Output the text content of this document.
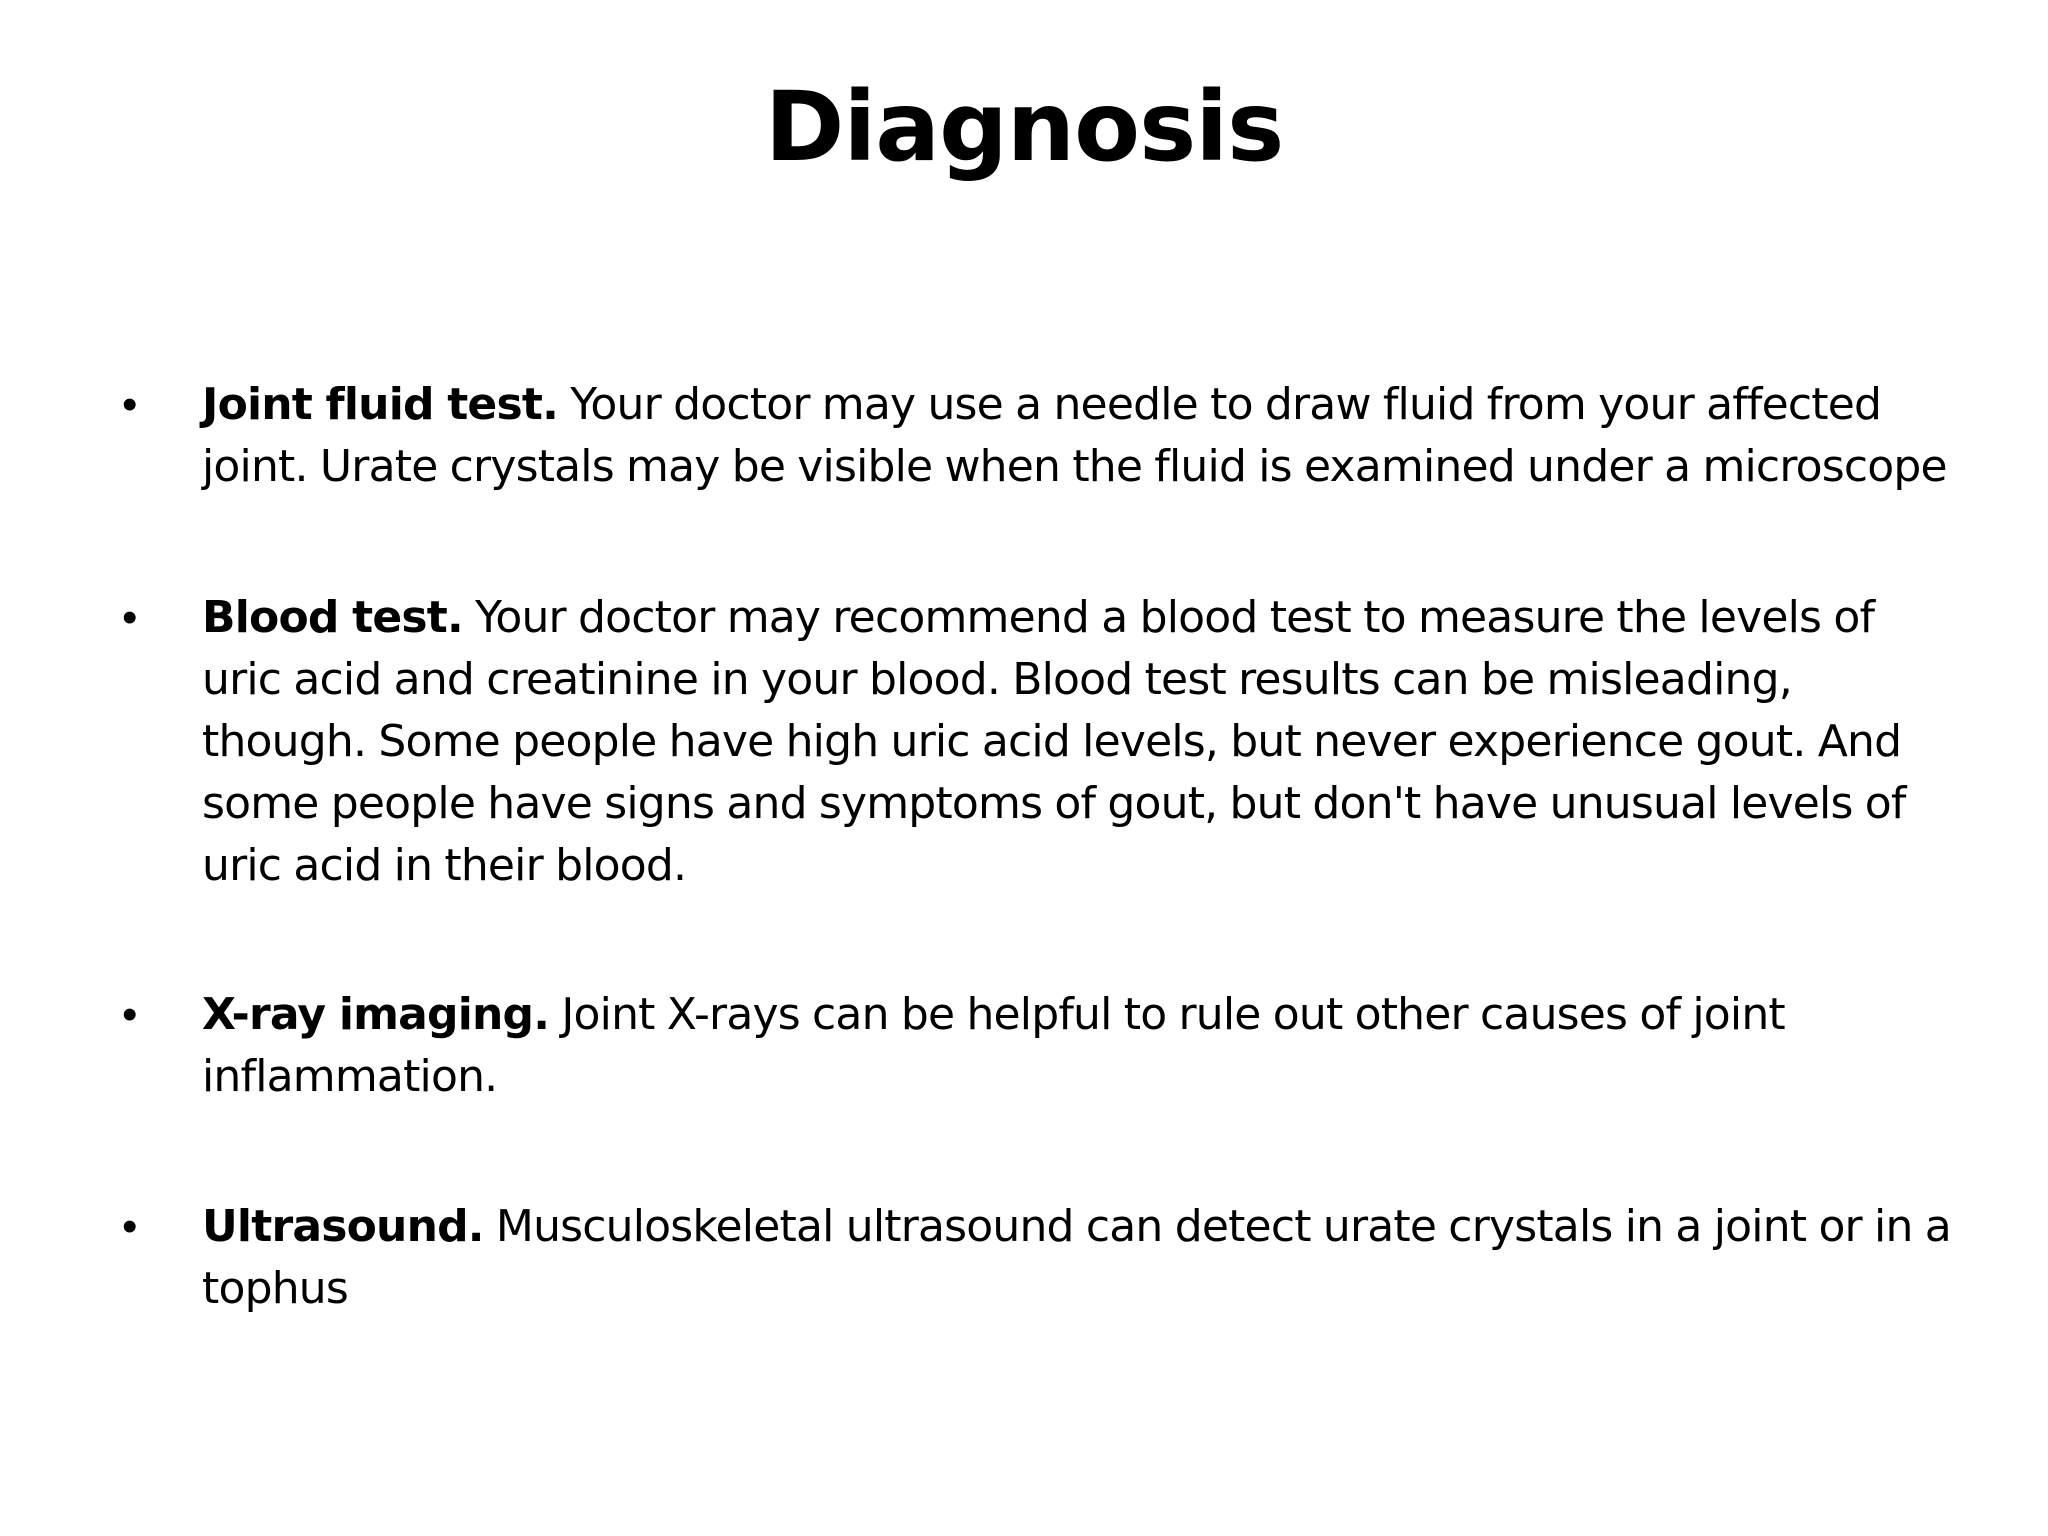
Diagnosis
• Joint fluid test. Your doctor may use a needle to draw fluid from your affected joint. Urate crystals may be visible when the fluid is examined under a microscope
• Blood test. Your doctor may recommend a blood test to measure the levels of uric acid and creatinine in your blood. Blood test results can be misleading, though. Some people have high uric acid levels, but never experience gout. And some people have signs and symptoms of gout, but don't have unusual levels of uric acid in their blood.
• X-ray imaging. Joint X-rays can be helpful to rule out other causes of joint inflammation.
• Ultrasound. Musculoskeletal ultrasound can detect urate crystals in a joint or in a tophus
